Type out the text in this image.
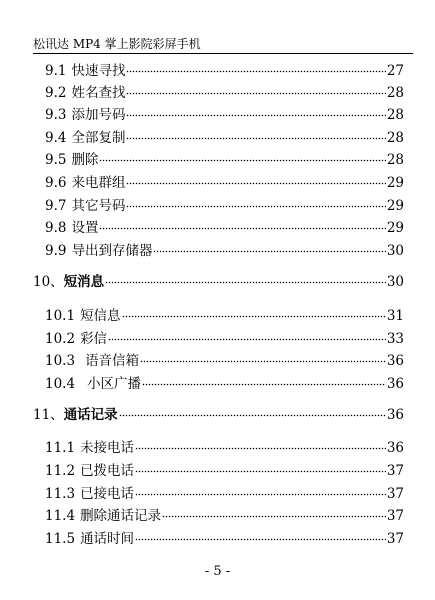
松讯达 MP4 掌上影院彩屏手机
9.1 快速寻找	27
9.2 姓名查找	28
9.3 添加号码	28
9.4 全部复制	28
9.5 删除	28
9.6 来电群组	29
9.7 其它号码	29
9.8 设置	29
9.9 导出到存储器	30
10、短消息	30
10.1 短信息	31
10.2 彩信	33
10.3 语音信箱	36
10.4 小区广播	36
11、通话记录	36
11.1 未接电话	36
11.2 已拨电话	37
11.3 已接电话	37
11.4 删除通话记录	37
11.5 通话时间	37
- 5 -
